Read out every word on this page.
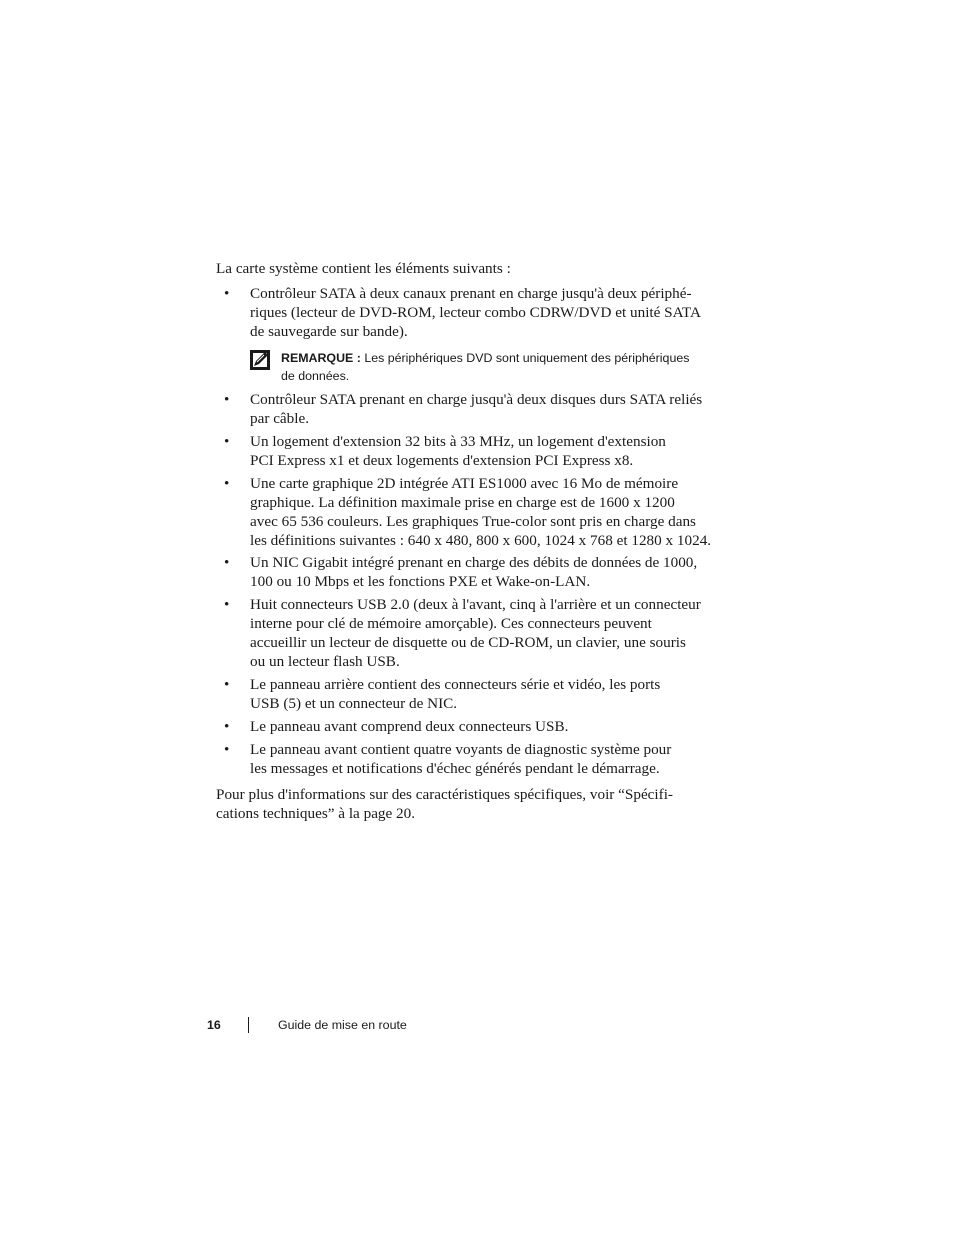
La carte système contient les éléments suivants :

• Contrôleur SATA à deux canaux prenant en charge jusqu'à deux périphé-
riques (lecteur de DVD-ROM, lecteur combo CDRW/DVD et unité SATA
de sauvegarde sur bande).
REMARQUE : Les périphériques DVD sont uniquement des périphériques
de données.
• Contrôleur SATA prenant en charge jusqu'à deux disques durs SATA reliés
par câble.
• Un logement d'extension 32 bits à 33 MHz, un logement d'extension
PCI Express x1 et deux logements d'extension PCI Express x8.
• Une carte graphique 2D intégrée ATI ES1000 avec 16 Mo de mémoire
graphique. La définition maximale prise en charge est de 1600 x 1200
avec 65 536 couleurs. Les graphiques True-color sont pris en charge dans
les définitions suivantes : 640 x 480, 800 x 600, 1024 x 768 et 1280 x 1024.
• Un NIC Gigabit intégré prenant en charge des débits de données de 1000,
100 ou 10 Mbps et les fonctions PXE et Wake-on-LAN.
• Huit connecteurs USB 2.0 (deux à l'avant, cinq à l'arrière et un connecteur
interne pour clé de mémoire amorçable). Ces connecteurs peuvent
accueillir un lecteur de disquette ou de CD-ROM, un clavier, une souris
ou un lecteur flash USB.
• Le panneau arrière contient des connecteurs série et vidéo, les ports
USB (5) et un connecteur de NIC.
• Le panneau avant comprend deux connecteurs USB.
• Le panneau avant contient quatre voyants de diagnostic système pour
les messages et notifications d'échec générés pendant le démarrage.

Pour plus d'informations sur des caractéristiques spécifiques, voir “Spécifi-
cations techniques” à la page 20.

16	Guide de mise en route
